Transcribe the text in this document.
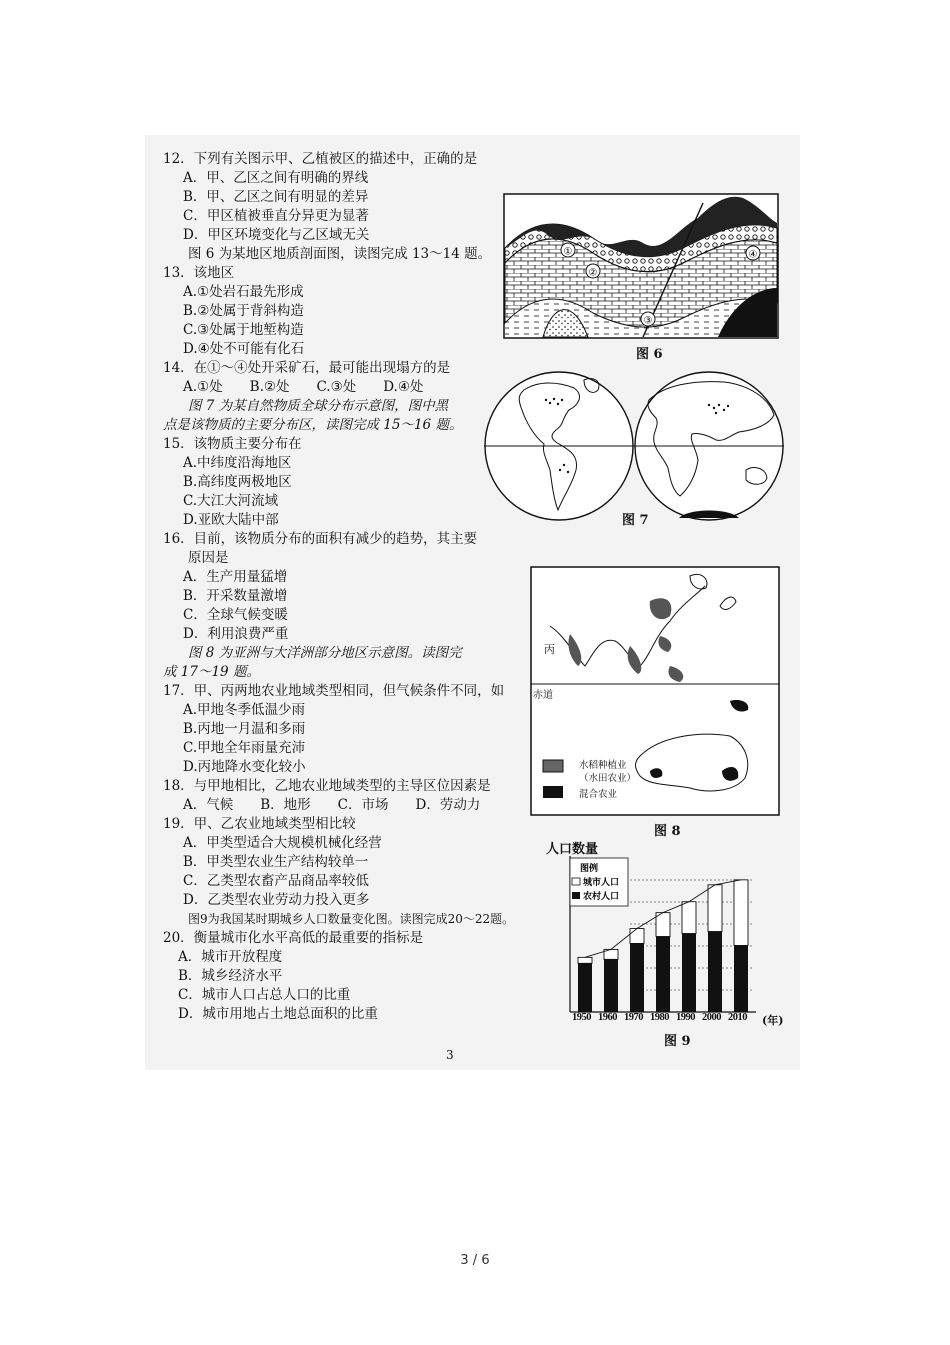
12．下列有关图示甲、乙植被区的描述中，正确的是
A．甲、乙区之间有明确的界线
B．甲、乙区之间有明显的差异
C．甲区植被垂直分异更为显著
D．甲区环境变化与乙区域无关
图 6 为某地区地质剖面图，读图完成 13～14 题。
13．该地区
A.①处岩石最先形成
B.②处属于背斜构造
C.③处属于地堑构造
D.④处不可能有化石
14．在①～④处开采矿石，最可能出现塌方的是
A.①处　　B.②处　　C.③处　　D.④处
图 7 为某自然物质全球分布示意图，图中黑
点是该物质的主要分布区，读图完成 15～16 题。
15．该物质主要分布在
A.中纬度沿海地区
B.高纬度两极地区
C.大江大河流域
D.亚欧大陆中部
16．目前，该物质分布的面积有减少的趋势，其主要
原因是
A．生产用量猛增
B．开采数量激增
C．全球气候变暖
D．利用浪费严重
图 8 为亚洲与大洋洲部分地区示意图。读图完
成 17～19 题。
17．甲、丙两地农业地域类型相同，但气候条件不同，如
A.甲地冬季低温少雨
B.丙地一月温和多雨
C.甲地全年雨量充沛
D.丙地降水变化较小
18．与甲地相比，乙地农业地域类型的主导区位因素是
A．气候　　B．地形　　C．市场　　D．劳动力
19．甲、乙农业地域类型相比较
A．甲类型适合大规模机械化经营
B．甲类型农业生产结构较单一
C．乙类型农畜产品商品率较低
D．乙类型农业劳动力投入更多
图9为我国某时期城乡人口数量变化图。读图完成20～22题。
20．衡量城市化水平高低的最重要的指标是
A．城市开放程度
B．城乡经济水平
C．城市人口占总人口的比重
D．城市用地占土地总面积的比重
①
②
③
④
图 6
图 7
丙
赤道
水稻种植业
（水田农业）
混合农业
图 8
人口数量
图例
城市人口
农村人口
1950 1960 1970 1980 1990 2000 2010 (年)
图 9
3
3 / 6
